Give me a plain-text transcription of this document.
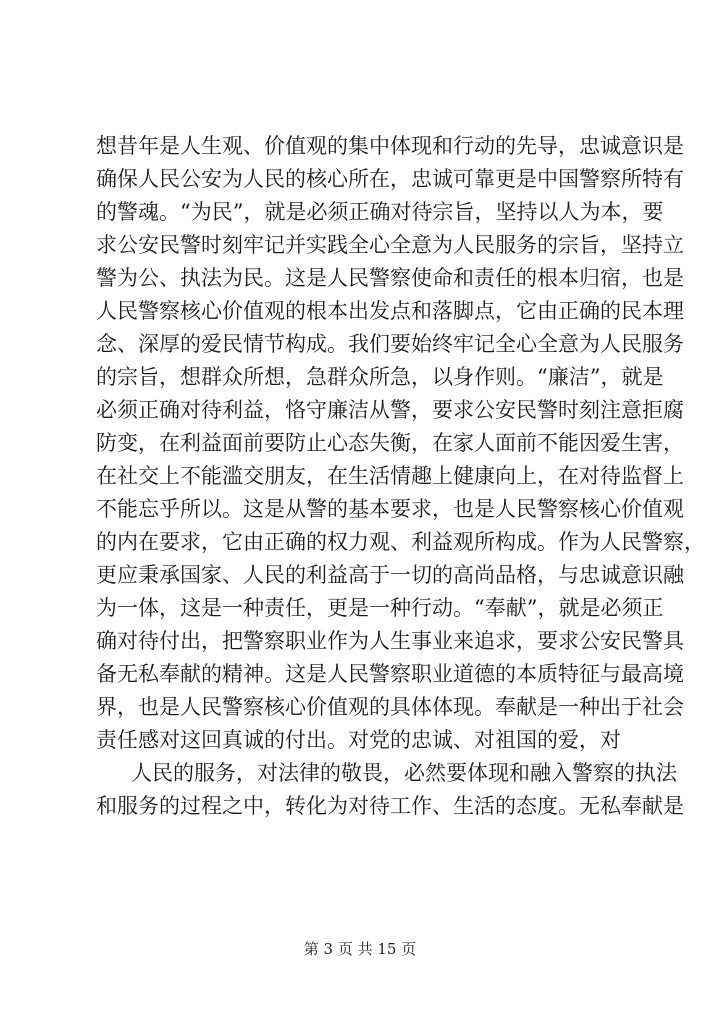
想昔年是人生观、价值观的集中体现和行动的先导，忠诚意识是
确保人民公安为人民的核心所在，忠诚可靠更是中国警察所特有
的警魂。“为民”，就是必须正确对待宗旨，坚持以人为本，要
求公安民警时刻牢记并实践全心全意为人民服务的宗旨，坚持立
警为公、执法为民。这是人民警察使命和责任的根本归宿，也是
人民警察核心价值观的根本出发点和落脚点，它由正确的民本理
念、深厚的爱民情节构成。我们要始终牢记全心全意为人民服务
的宗旨，想群众所想，急群众所急，以身作则。“廉洁”，就是
必须正确对待利益，恪守廉洁从警，要求公安民警时刻注意拒腐
防变，在利益面前要防止心态失衡，在家人面前不能因爱生害，
在社交上不能滥交朋友，在生活情趣上健康向上，在对待监督上
不能忘乎所以。这是从警的基本要求，也是人民警察核心价值观
的内在要求，它由正确的权力观、利益观所构成。作为人民警察，
更应秉承国家、人民的利益高于一切的高尚品格，与忠诚意识融
为一体，这是一种责任，更是一种行动。“奉献”，就是必须正
确对待付出，把警察职业作为人生事业来追求，要求公安民警具
备无私奉献的精神。这是人民警察职业道德的本质特征与最高境
界，也是人民警察核心价值观的具体体现。奉献是一种出于社会
责任感对这回真诚的付出。对党的忠诚、对祖国的爱，对
人民的服务，对法律的敬畏，必然要体现和融入警察的执法
和服务的过程之中，转化为对待工作、生活的态度。无私奉献是
第 3 页 共 15 页
